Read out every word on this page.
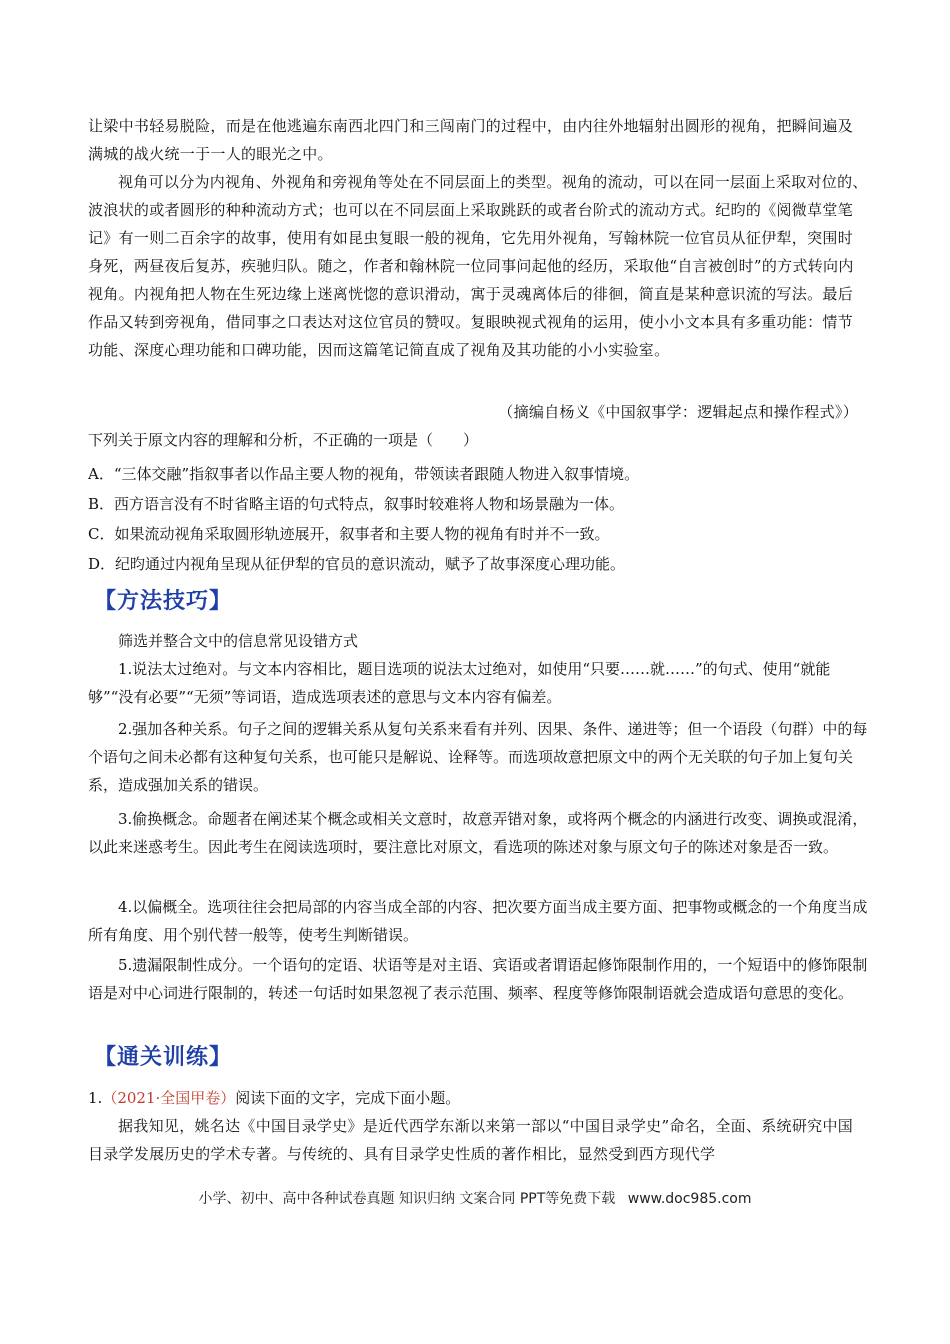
让梁中书轻易脱险，而是在他逃遍东南西北四门和三闯南门的过程中，由内往外地辐射出圆形的视角，把瞬间遍及满城的战火统一于一人的眼光之中。

视角可以分为内视角、外视角和旁视角等处在不同层面上的类型。视角的流动，可以在同一层面上采取对位的、波浪状的或者圆形的种种流动方式；也可以在不同层面上采取跳跃的或者台阶式的流动方式。纪昀的《阅微草堂笔记》有一则二百余字的故事，使用有如昆虫复眼一般的视角，它先用外视角，写翰林院一位官员从征伊犁，突围时身死，两昼夜后复苏，疾驰归队。随之，作者和翰林院一位同事问起他的经历，采取他“自言被创时”的方式转向内视角。内视角把人物在生死边缘上迷离恍惚的意识滑动，寓于灵魂离体后的徘徊，简直是某种意识流的写法。最后作品又转到旁视角，借同事之口表达对这位官员的赞叹。复眼映视式视角的运用，使小小文本具有多重功能：情节功能、深度心理功能和口碑功能，因而这篇笔记简直成了视角及其功能的小小实验室。

（摘编自杨义《中国叙事学：逻辑起点和操作程式》）

下列关于原文内容的理解和分析，不正确的一项是（　　）

A．“三体交融”指叙事者以作品主要人物的视角，带领读者跟随人物进入叙事情境。

B．西方语言没有不时省略主语的句式特点，叙事时较难将人物和场景融为一体。

C．如果流动视角采取圆形轨迹展开，叙事者和主要人物的视角有时并不一致。

D．纪昀通过内视角呈现从征伊犁的官员的意识流动，赋予了故事深度心理功能。

【方法技巧】

筛选并整合文中的信息常见设错方式

1.说法太过绝对。与文本内容相比，题目选项的说法太过绝对，如使用“只要……就……”的句式、使用“就能够”“没有必要”“无须”等词语，造成选项表述的意思与文本内容有偏差。

2.强加各种关系。句子之间的逻辑关系从复句关系来看有并列、因果、条件、递进等；但一个语段（句群）中的每个语句之间未必都有这种复句关系，也可能只是解说、诠释等。而选项故意把原文中的两个无关联的句子加上复句关系，造成强加关系的错误。

3.偷换概念。命题者在阐述某个概念或相关文意时，故意弄错对象，或将两个概念的内涵进行改变、调换或混淆，以此来迷惑考生。因此考生在阅读选项时，要注意比对原文，看选项的陈述对象与原文句子的陈述对象是否一致。

4.以偏概全。选项往往会把局部的内容当成全部的内容、把次要方面当成主要方面、把事物或概念的一个角度当成所有角度、用个别代替一般等，使考生判断错误。

5.遗漏限制性成分。一个语句的定语、状语等是对主语、宾语或者谓语起修饰限制作用的，一个短语中的修饰限制语是对中心词进行限制的，转述一句话时如果忽视了表示范围、频率、程度等修饰限制语就会造成语句意思的变化。

【通关训练】

1.（2021·全国甲卷）阅读下面的文字，完成下面小题。

据我知见，姚名达《中国目录学史》是近代西学东渐以来第一部以“中国目录学史”命名，全面、系统研究中国目录学发展历史的学术专著。与传统的、具有目录学史性质的著作相比，显然受到西方现代学

小学、初中、高中各种试卷真题 知识归纳 文案合同 PPT等免费下载 www.doc985.com
